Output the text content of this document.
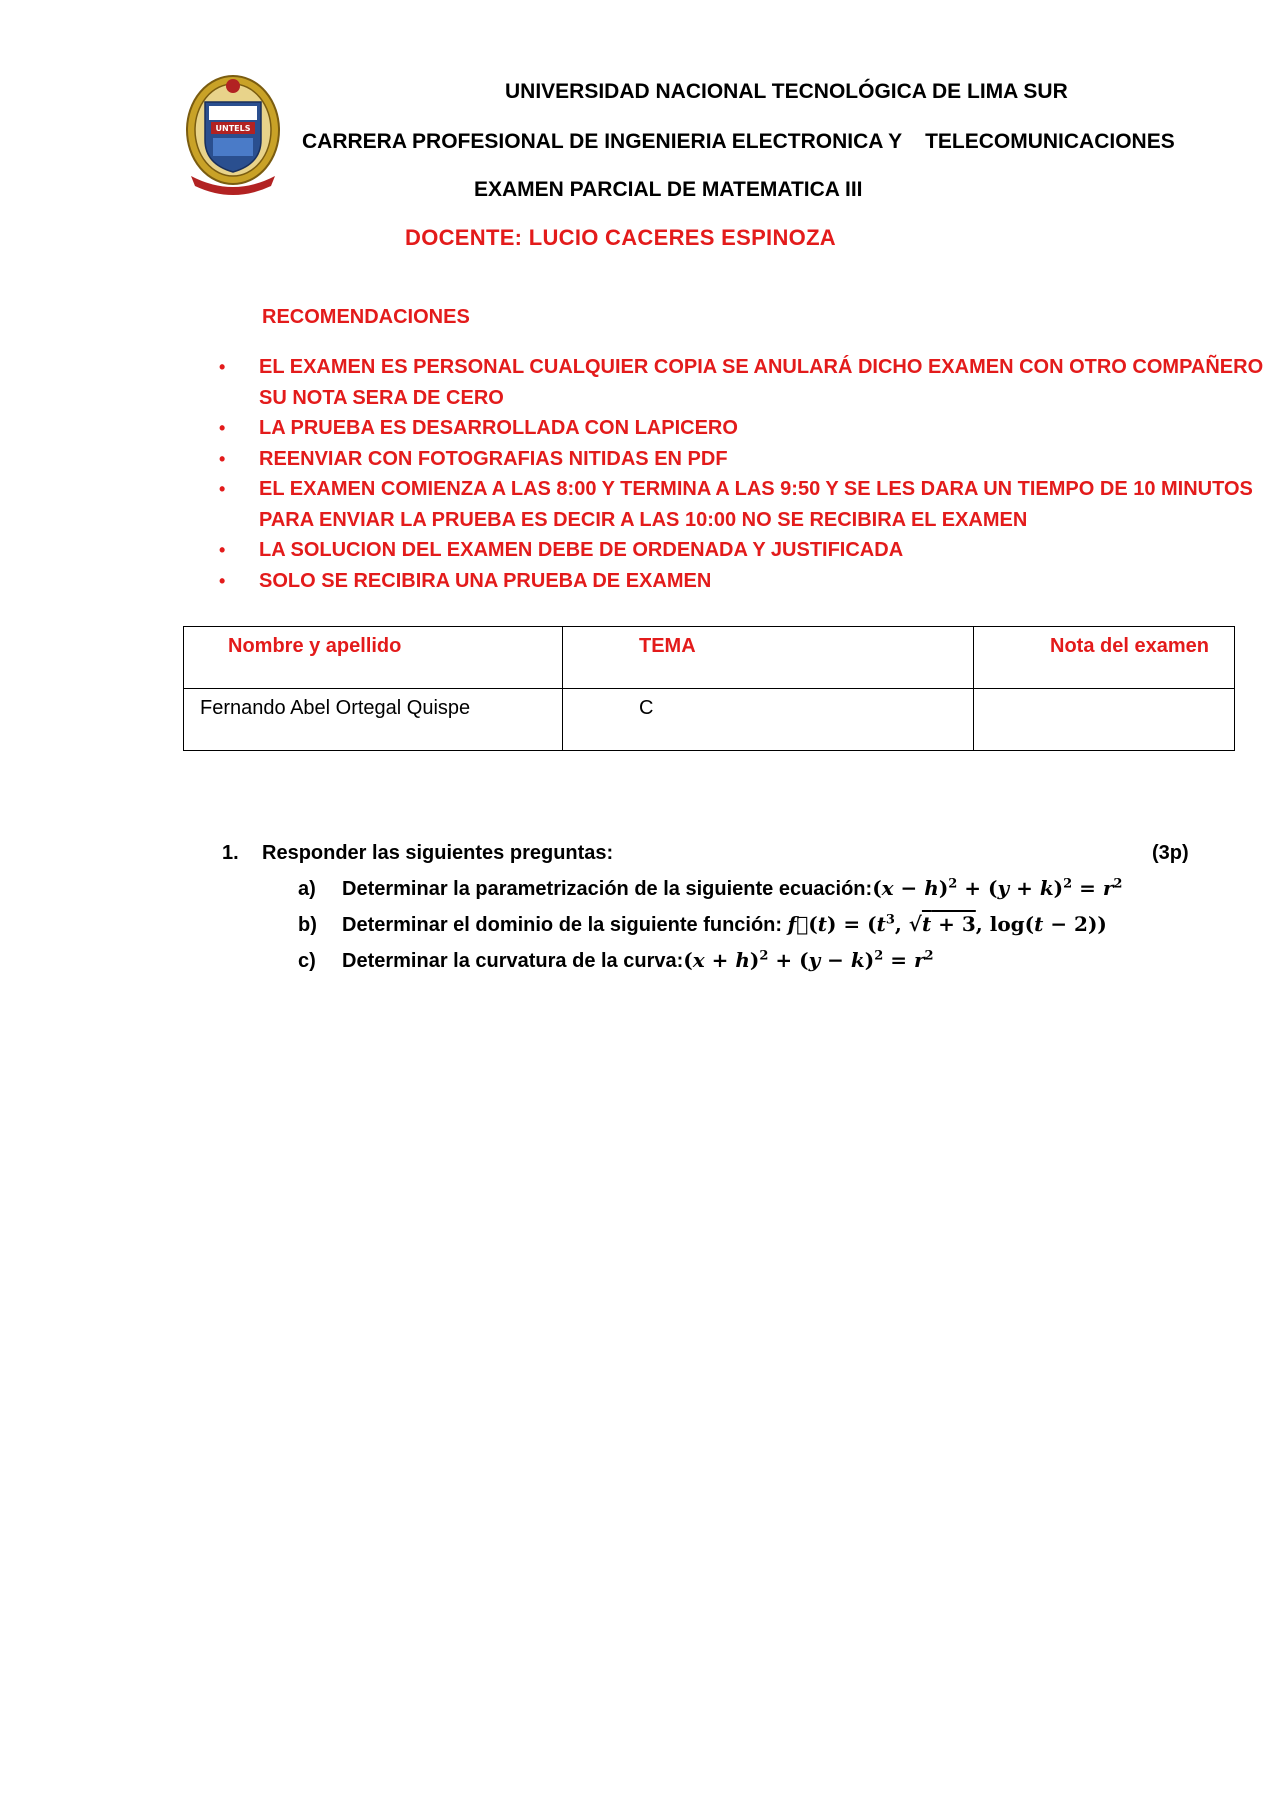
UNTELS
UNIVERSIDAD NACIONAL TECNOLÓGICA DE LIMA SUR
CARRERA PROFESIONAL DE INGENIERIA ELECTRONICA Y    TELECOMUNICACIONES
EXAMEN PARCIAL DE MATEMATICA III
DOCENTE: LUCIO CACERES ESPINOZA
RECOMENDACIONES
• EL EXAMEN ES PERSONAL CUALQUIER COPIA SE ANULARÁ DICHO EXAMEN CON OTRO COMPAÑERO SU NOTA SERA DE CERO
• LA PRUEBA ES DESARROLLADA CON LAPICERO
• REENVIAR CON FOTOGRAFIAS NITIDAS EN PDF
• EL EXAMEN COMIENZA A LAS 8:00 Y TERMINA A LAS 9:50 Y SE LES DARA UN TIEMPO DE 10 MINUTOS PARA ENVIAR LA PRUEBA ES DECIR A LAS 10:00 NO SE RECIBIRA EL EXAMEN
• LA SOLUCION DEL EXAMEN DEBE DE ORDENADA Y JUSTIFICADA
• SOLO SE RECIBIRA UNA PRUEBA DE EXAMEN
Nombre y apellido	TEMA	Nota del examen
Fernando Abel Ortegal Quispe	C	
1. Responder las siguientes preguntas:	(3p)
a) Determinar la parametrización de la siguiente ecuación:(x − $h)^2 + (y + k)^2 = r^2$
b) Determinar el dominio de la siguiente función: f⃗(t) = ($t^3$, √t + 3, log(t − 2))
c) Determinar la curvatura de la curva:(x + $h)^2 + (y - k)^2 = r^2$
